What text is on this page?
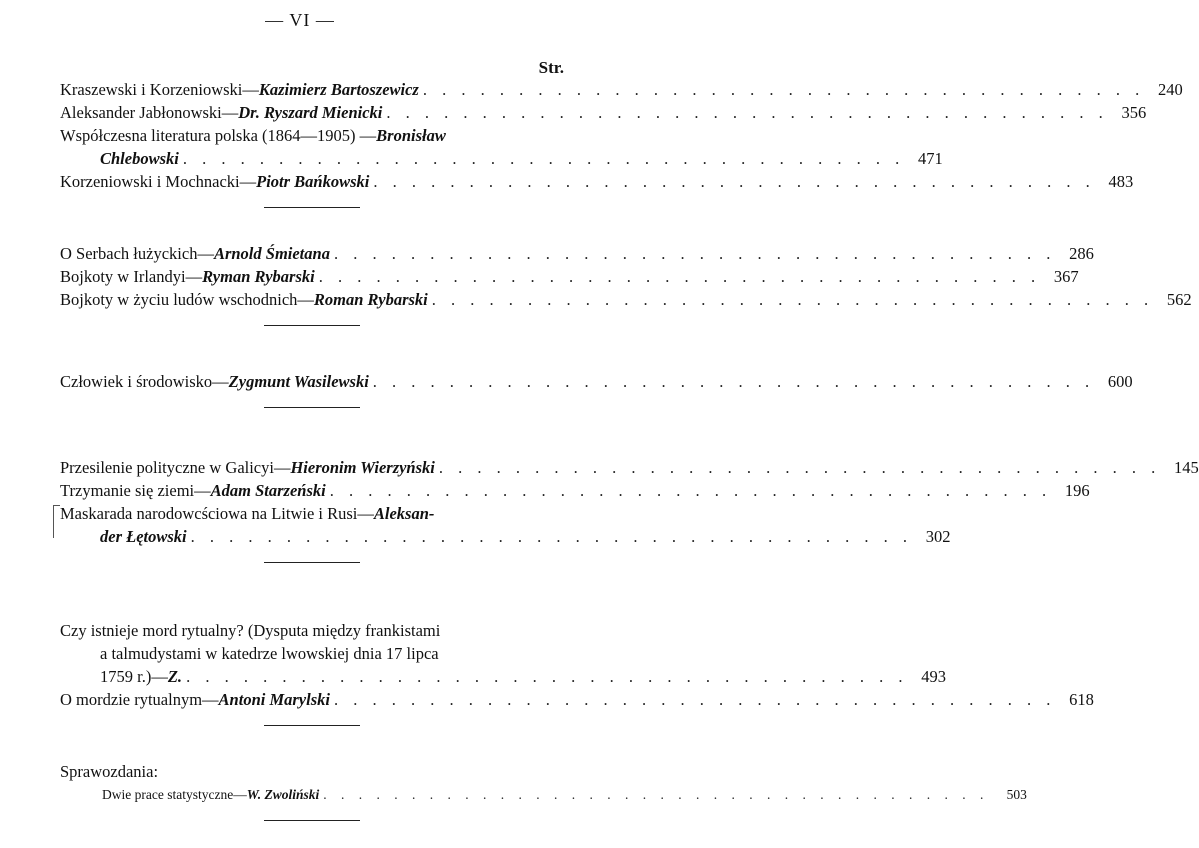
— VI —
Str.
Kraszewski i Korzeniowski— Kazimierz Bartoszewicz . . . . . . . . . . . . . . . . . . . . . . . . . . . . . . . . . . . . . . 240
Aleksander Jabłonowski— Dr. Ryszard Mienicki . . . . . . . . . . . . . . . . . . . . . . . . . . . . . . . . . . . . . . 356
Współczesna literatura polska (1864—1905) — Bronisław
Chlebowski . . . . . . . . . . . . . . . . . . . . . . . . . . . . . . . . . . . . . . 471
Korzeniowski i Mochnacki— Piotr Bańkowski . . . . . . . . . . . . . . . . . . . . . . . . . . . . . . . . . . . . . . 483
O Serbach łużyckich— Arnold Śmietana . . . . . . . . . . . . . . . . . . . . . . . . . . . . . . . . . . . . . . 286
Bojkoty w Irlandyi— Ryman Rybarski . . . . . . . . . . . . . . . . . . . . . . . . . . . . . . . . . . . . . . 367
Bojkoty w życiu ludów wschodnich— Roman Rybarski . . . . . . . . . . . . . . . . . . . . . . . . . . . . . . . . . . . . . . 562
Człowiek i środowisko— Zygmunt Wasilewski . . . . . . . . . . . . . . . . . . . . . . . . . . . . . . . . . . . . . . 600
Przesilenie polityczne w Galicyi— Hieronim Wierzyński . . . . . . . . . . . . . . . . . . . . . . . . . . . . . . . . . . . . . . 145
Trzymanie się ziemi— Adam Starzeński . . . . . . . . . . . . . . . . . . . . . . . . . . . . . . . . . . . . . . 196
Maskarada narodowcściowa na Litwie i Rusi— Aleksan-
der Łętowski . . . . . . . . . . . . . . . . . . . . . . . . . . . . . . . . . . . . . . 302
Czy istnieje mord rytualny? (Dysputa między frankistami
a talmudystami w katedrze lwowskiej dnia 17 lipca
1759 r.)— Z. . . . . . . . . . . . . . . . . . . . . . . . . . . . . . . . . . . . . . . 493
O mordzie rytualnym— Antoni Marylski . . . . . . . . . . . . . . . . . . . . . . . . . . . . . . . . . . . . . . 618
Sprawozdania:
Dwie prace statystyczne— W. Zwoliński . . . . . . . . . . . . . . . . . . . . . . . . . . . . . . . . . . . . . .	503
